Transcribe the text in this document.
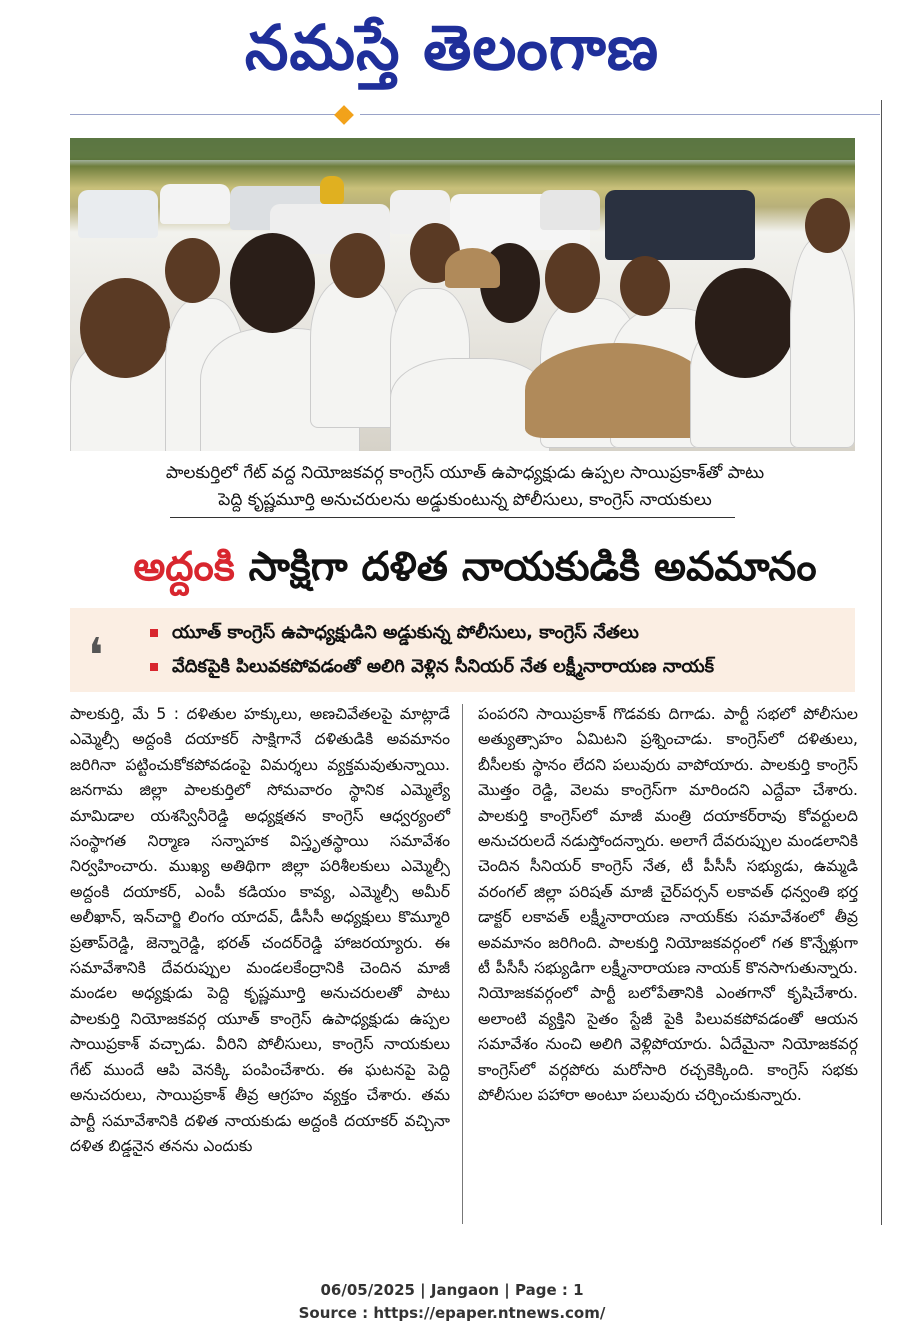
నమస్తే తెలంగాణ
పాలకుర్తిలో గేట్ వద్ద నియోజకవర్గ కాంగ్రెస్ యూత్ ఉపాధ్యక్షుడు ఉప్పల సాయిప్రకాశ్‌తో పాటు
పెద్ది కృష్ణమూర్తి అనుచరులను అడ్డుకుంటున్న పోలీసులు, కాంగ్రెస్ నాయకులు
అద్దంకి సాక్షిగా దళిత నాయకుడికి అవమానం
❛	యూత్ కాంగ్రెస్ ఉపాధ్యక్షుడిని అడ్డుకున్న పోలీసులు, కాంగ్రెస్ నేతలు
వేదికపైకి పిలువకపోవడంతో అలిగి వెళ్లిన సీనియర్ నేత లక్ష్మీనారాయణ నాయక్
పాలకుర్తి, మే 5 : దళితుల హక్కులు, అణచివేతలపై మాట్లాడే ఎమ్మెల్సీ అద్దంకి దయాకర్ సాక్షిగానే దళితుడికి అవమానం జరిగినా పట్టించుకోకపోవడంపై విమర్శలు వ్యక్తమవుతున్నాయి. జనగామ జిల్లా పాలకుర్తిలో సోమవారం స్థానిక ఎమ్మెల్యే మామిడాల యశస్వినీరెడ్డి అధ్యక్షతన కాంగ్రెస్ ఆధ్వర్యంలో సంస్థాగత నిర్మాణ సన్నాహక విస్తృతస్థాయి సమావేశం నిర్వహించారు. ముఖ్య అతిథిగా జిల్లా పరిశీలకులు ఎమ్మెల్సీ అద్దంకి దయాకర్, ఎంపీ కడియం కావ్య, ఎమ్మెల్సీ అమీర్ అలీఖాన్, ఇన్‌చార్జి లింగం యాదవ్, డీసీసీ అధ్యక్షులు కొమ్మూరి ప్రతాప్‌రెడ్డి, జెన్నారెడ్డి, భరత్ చందర్‌రెడ్డి హాజరయ్యారు. ఈ సమావేశానికి దేవరుప్పుల మండలకేంద్రానికి చెందిన మాజీ మండల అధ్యక్షుడు పెద్ది కృష్ణమూర్తి అనుచరులతో పాటు పాలకుర్తి నియోజకవర్గ యూత్ కాంగ్రెస్ ఉపాధ్యక్షుడు ఉప్పల సాయిప్రకాశ్ వచ్చాడు. వీరిని పోలీసులు, కాంగ్రెస్ నాయకులు గేట్ ముందే ఆపి వెనక్కి పంపించేశారు. ఈ ఘటనపై పెద్ది అనుచరులు, సాయిప్రకాశ్ తీవ్ర ఆగ్రహం వ్యక్తం చేశారు. తమ పార్టీ సమావేశానికి దళిత నాయకుడు అద్దంకి దయాకర్ వచ్చినా దళిత బిడ్డనైన తనను ఎందుకు
పంపరని సాయిప్రకాశ్ గొడవకు దిగాడు. పార్టీ సభలో పోలీసుల అత్యుత్సాహం ఏమిటని ప్రశ్నించాడు. కాంగ్రెస్‌లో దళితులు, బీసీలకు స్థానం లేదని పలువురు వాపోయారు. పాలకుర్తి కాంగ్రెస్ మొత్తం రెడ్డి, వెలమ కాంగ్రెస్‌గా మారిందని ఎద్దేవా చేశారు. పాలకుర్తి కాంగ్రెస్‌లో మాజీ మంత్రి దయాకర్‌రావు కోవర్టులది అనుచరులదే నడుస్తోందన్నారు. అలాగే దేవరుప్పుల మండలానికి చెందిన సీనియర్ కాంగ్రెస్ నేత, టీ పీసీసీ సభ్యుడు, ఉమ్మడి వరంగల్ జిల్లా పరిషత్ మాజీ చైర్‌పర్సన్ లకావత్ ధన్వంతి భర్త డాక్టర్ లకావత్ లక్ష్మీనారాయణ నాయక్‌కు సమావేశంలో తీవ్ర అవమానం జరిగింది. పాలకుర్తి నియోజకవర్గంలో గత కొన్నేళ్లుగా టీ పీసీసీ సభ్యుడిగా లక్ష్మీనారాయణ నాయక్ కొనసాగుతున్నారు. నియోజకవర్గంలో పార్టీ బలోపేతానికి ఎంతగానో కృషిచేశారు. అలాంటి వ్యక్తిని సైతం స్టేజీ పైకి పిలువకపోవడంతో ఆయన సమావేశం నుంచి అలిగి వెళ్లిపోయారు. ఏదేమైనా నియోజకవర్గ కాంగ్రెస్‌లో వర్గపోరు మరోసారి రచ్చకెక్కింది. కాంగ్రెస్ సభకు పోలీసుల పహారా అంటూ పలువురు చర్చించుకున్నారు.
06/05/2025 | Jangaon | Page : 1
Source : https://epaper.ntnews.com/
